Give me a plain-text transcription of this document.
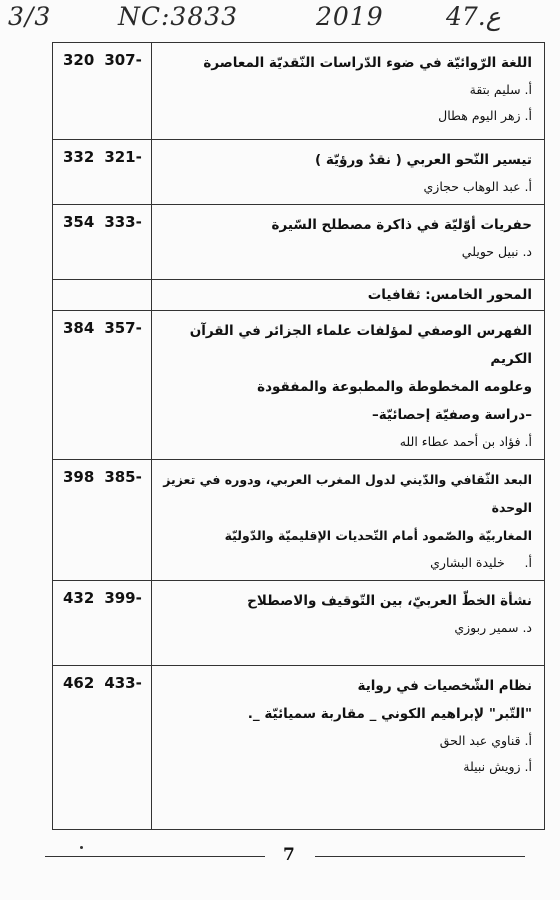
3/3	NC:3833	2019 47.ع
320 307-	اللغة الرّوائيّة في ضوء الدّراسات النّقديّة المعاصرة

أ. سليم بتقة

أ. زهر اليوم هطال

332 321-	تيسير النّحو العربي ( نقدٌ ورؤيّة )

أ. عبد الوهاب حجازي

354 333-	حفريات أوّليّة في ذاكرة مصطلح السّيرة

د. نبيل حويلي

	المحور الخامس: ثقافيات

384 357-	الفهرس الوصفي لمؤلفات علماء الجزائر في القرآن الكريم

وعلومه المخطوطة والمطبوعة والمفقودة

–دراسة وصفيّة إحصائيّة–

أ. فؤاد بن أحمد عطاء الله

398 385-	البعد الثّقافي والدّيني لدول المغرب العربي، ودوره في تعزيز الوحدة

المغاربيّة والصّمود أمام التّحديات الإقليميّة والدّوليّة

أ.     خليدة البشاري

432 399-	نشأة الخطّ العربيّ، بين التّوقيف والاصطلاح

د. سمير ربوزي

462 433-	نظام الشّخصيات في رواية

"التّبر" لإبراهيم الكوني _ مقاربة سميائيّة _.

أ. قناوي عبد الحق

أ. زويش نبيلة

7
